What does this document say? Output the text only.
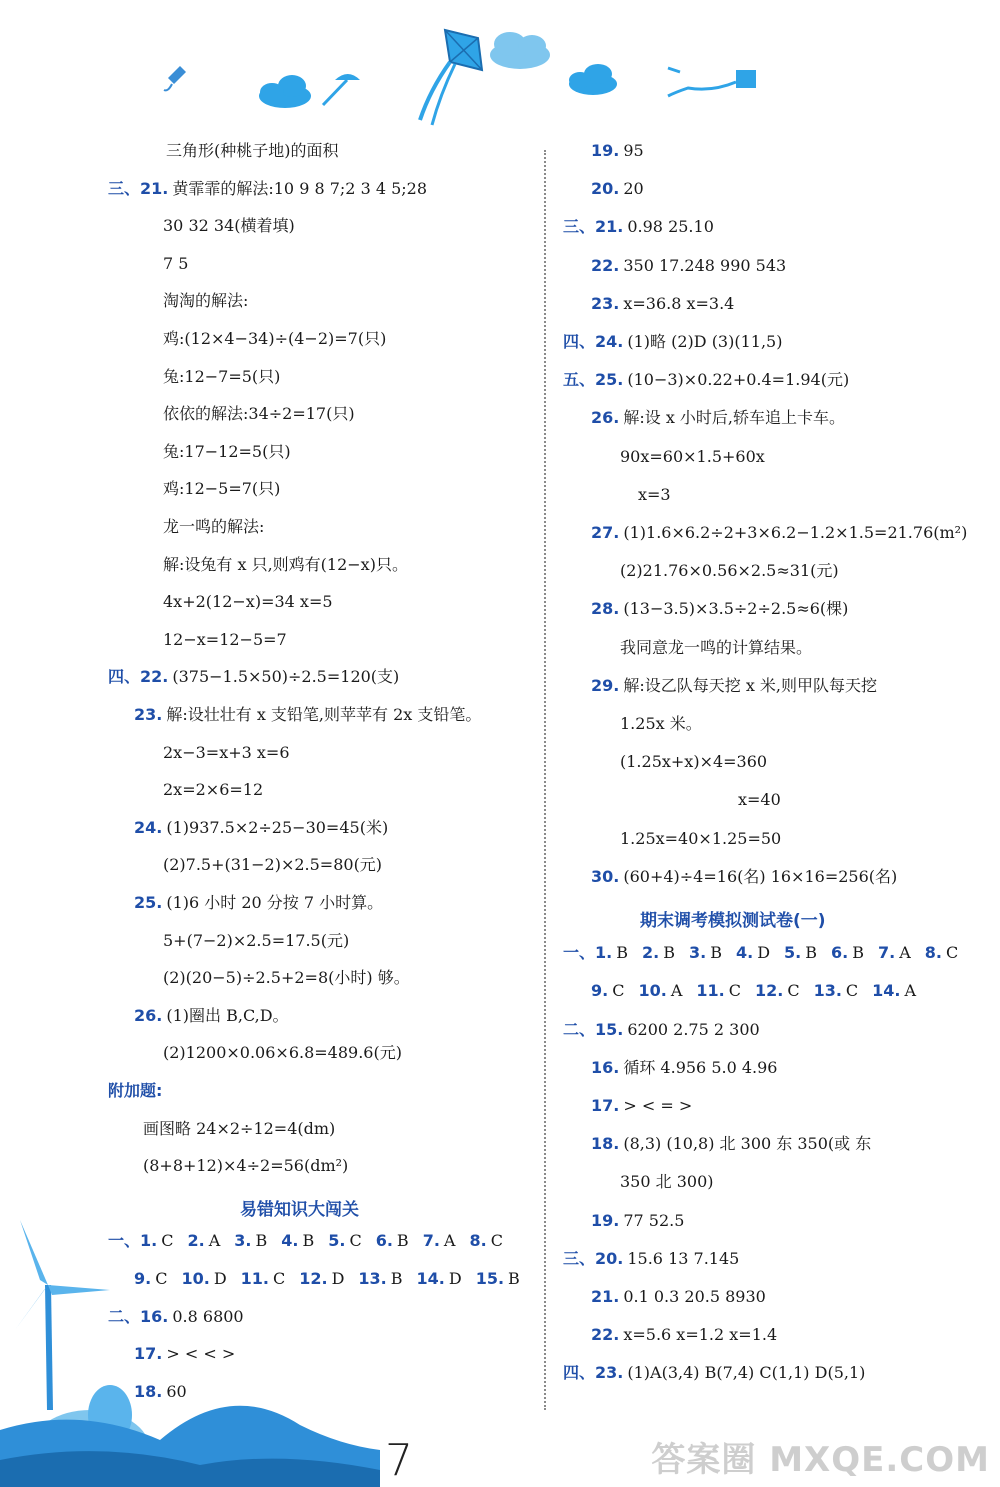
三角形(种桃子地)的面积
三、21. 黄霏霏的解法:10 9 8 7;2 3 4 5;28
30 32 34(横着填)
7 5
淘淘的解法:
鸡:(12×4−34)÷(4−2)=7(只)
兔:12−7=5(只)
依依的解法:34÷2=17(只)
兔:17−12=5(只)
鸡:12−5=7(只)
龙一鸣的解法:
解:设兔有 x 只,则鸡有(12−x)只。
4x+2(12−x)=34 x=5
12−x=12−5=7
四、22. (375−1.5×50)÷2.5=120(支)
23. 解:设壮壮有 x 支铅笔,则苹苹有 2x 支铅笔。
2x−3=x+3 x=6
2x=2×6=12
24. (1)937.5×2÷25−30=45(米)
(2)7.5+(31−2)×2.5=80(元)
25. (1)6 小时 20 分按 7 小时算。
5+(7−2)×2.5=17.5(元)
(2)(20−5)÷2.5+2=8(小时) 够。
26. (1)圈出 B,C,D。
(2)1200×0.06×6.8=489.6(元)
附加题:
画图略 24×2÷12=4(dm)
(8+8+12)×4÷2=56(dm²)
易错知识大闯关
一、1. C 2. A 3. B 4. B 5. C 6. B 7. A 8. C
9. C 10. D 11. C 12. D 13. B 14. D 15. B
二、16. 0.8 6800
17. > < < >
18. 60
19. 95
20. 20
三、21. 0.98 25.10
22. 350 17.248 990 543
23. x=36.8 x=3.4
四、24. (1)略 (2)D (3)(11,5)
五、25. (10−3)×0.22+0.4=1.94(元)
26. 解:设 x 小时后,轿车追上卡车。
90x=60×1.5+60x
x=3
27. (1)1.6×6.2÷2+3×6.2−1.2×1.5=21.76(m²)
(2)21.76×0.56×2.5≈31(元)
28. (13−3.5)×3.5÷2÷2.5≈6(棵)
我同意龙一鸣的计算结果。
29. 解:设乙队每天挖 x 米,则甲队每天挖
1.25x 米。
(1.25x+x)×4=360
x=40
1.25x=40×1.25=50
30. (60+4)÷4=16(名) 16×16=256(名)
期末调考模拟测试卷(一)
一、1. B 2. B 3. B 4. D 5. B 6. B 7. A 8. C
9. C 10. A 11. C 12. C 13. C 14. A
二、15. 6200 2.75 2 300
16. 循环 4.956 5.0 4.96
17. > < = >
18. (8,3) (10,8) 北 300 东 350(或 东
350 北 300)
19. 77 52.5
三、20. 15.6 13 7.145
21. 0.1 0.3 20.5 8930
22. x=5.6 x=1.2 x=1.4
四、23. (1)A(3,4) B(7,4) C(1,1) D(5,1)
7	答案圈 MXQE.COM
